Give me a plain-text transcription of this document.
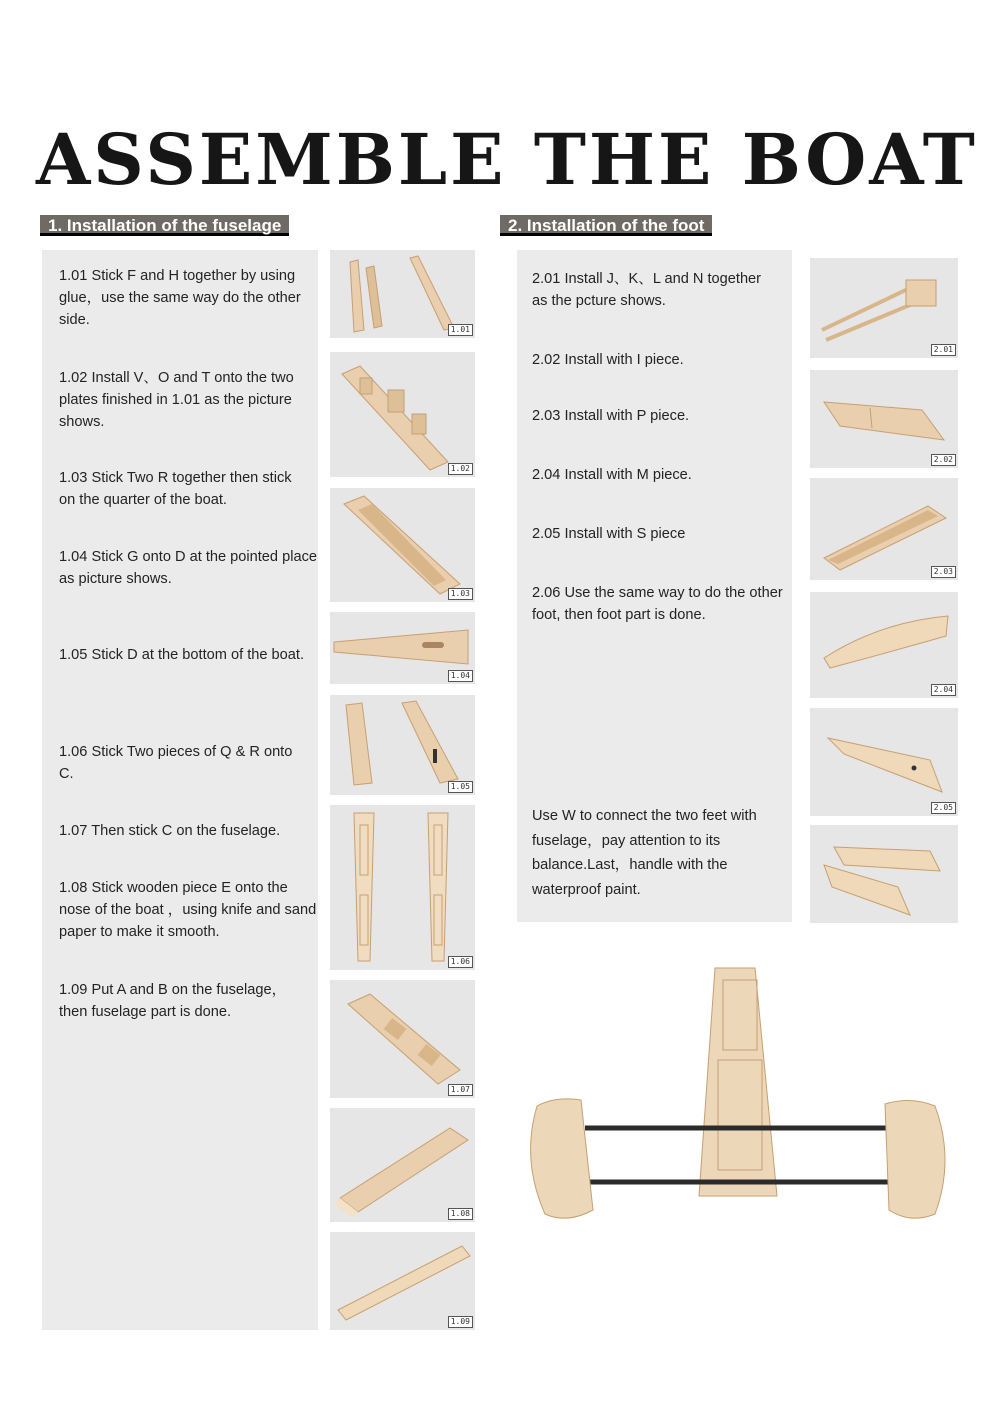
ASSEMBLE THE BOAT
1. Installation of the fuselage	2. Installation of the foot
1.01 Stick F and H together by using glue，use the same way do the other side.
1.02 Install V、O and T onto the two plates finished in 1.01 as the picture shows.
1.03 Stick Two R together then stick on the quarter of the boat.
1.04 Stick G onto D at the pointed place as picture shows.
1.05 Stick D at the bottom of the boat.
1.06 Stick Two pieces of Q & R onto C.
1.07 Then stick C on the fuselage.
1.08 Stick wooden piece E onto the nose of the boat ，using knife and sand paper to make it smooth.
1.09 Put A and B on the fuselage，then fuselage part is done.
2.01 Install J、K、L and N together as the pcture shows.
2.02 Install with I piece.
2.03 Install with P piece.
2.04 Install with M piece.
2.05 Install with S piece
2.06 Use the same way to do the other foot, then foot part is done.
Use W to connect the two feet with fuselage，pay attention to its balance.Last，handle with the waterproof paint.
1.01
1.02
1.03
1.04
1.05
1.06
1.07
1.08
1.09
2.01
2.02
2.03
2.04
2.05
